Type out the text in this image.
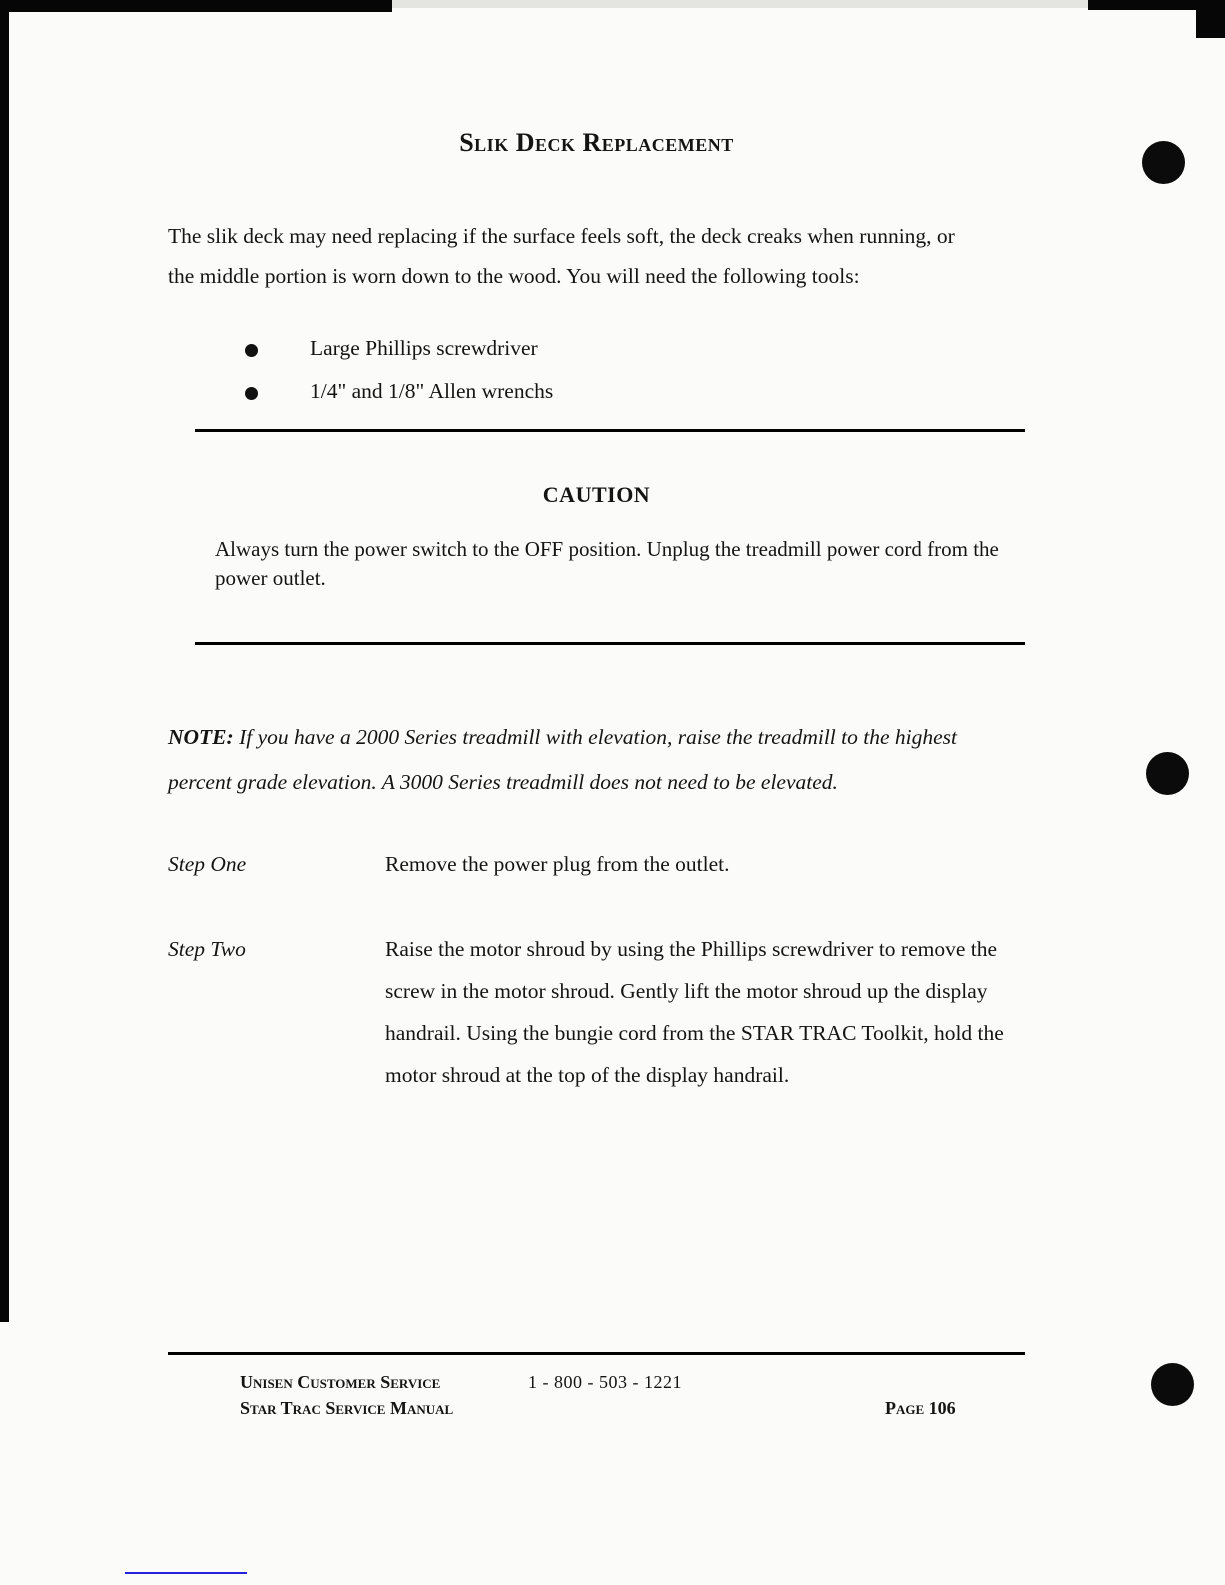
Slik Deck Replacement
The slik deck may need replacing if the surface feels soft, the deck creaks when running, or the middle portion is worn down to the wood. You will need the following tools:
Large Phillips screwdriver
1/4" and 1/8" Allen wrenchs
CAUTION
Always turn the power switch to the OFF position. Unplug the treadmill power cord from the power outlet.
NOTE: If you have a 2000 Series treadmill with elevation, raise the treadmill to the highest percent grade elevation. A 3000 Series treadmill does not need to be elevated.
Step One	Remove the power plug from the outlet.
Step Two	Raise the motor shroud by using the Phillips screwdriver to remove the screw in the motor shroud. Gently lift the motor shroud up the display handrail. Using the bungie cord from the STAR TRAC Toolkit, hold the motor shroud at the top of the display handrail.
Unisen Customer Service	1 - 800 - 503 - 1221
Star Trac Service Manual	Page 106
